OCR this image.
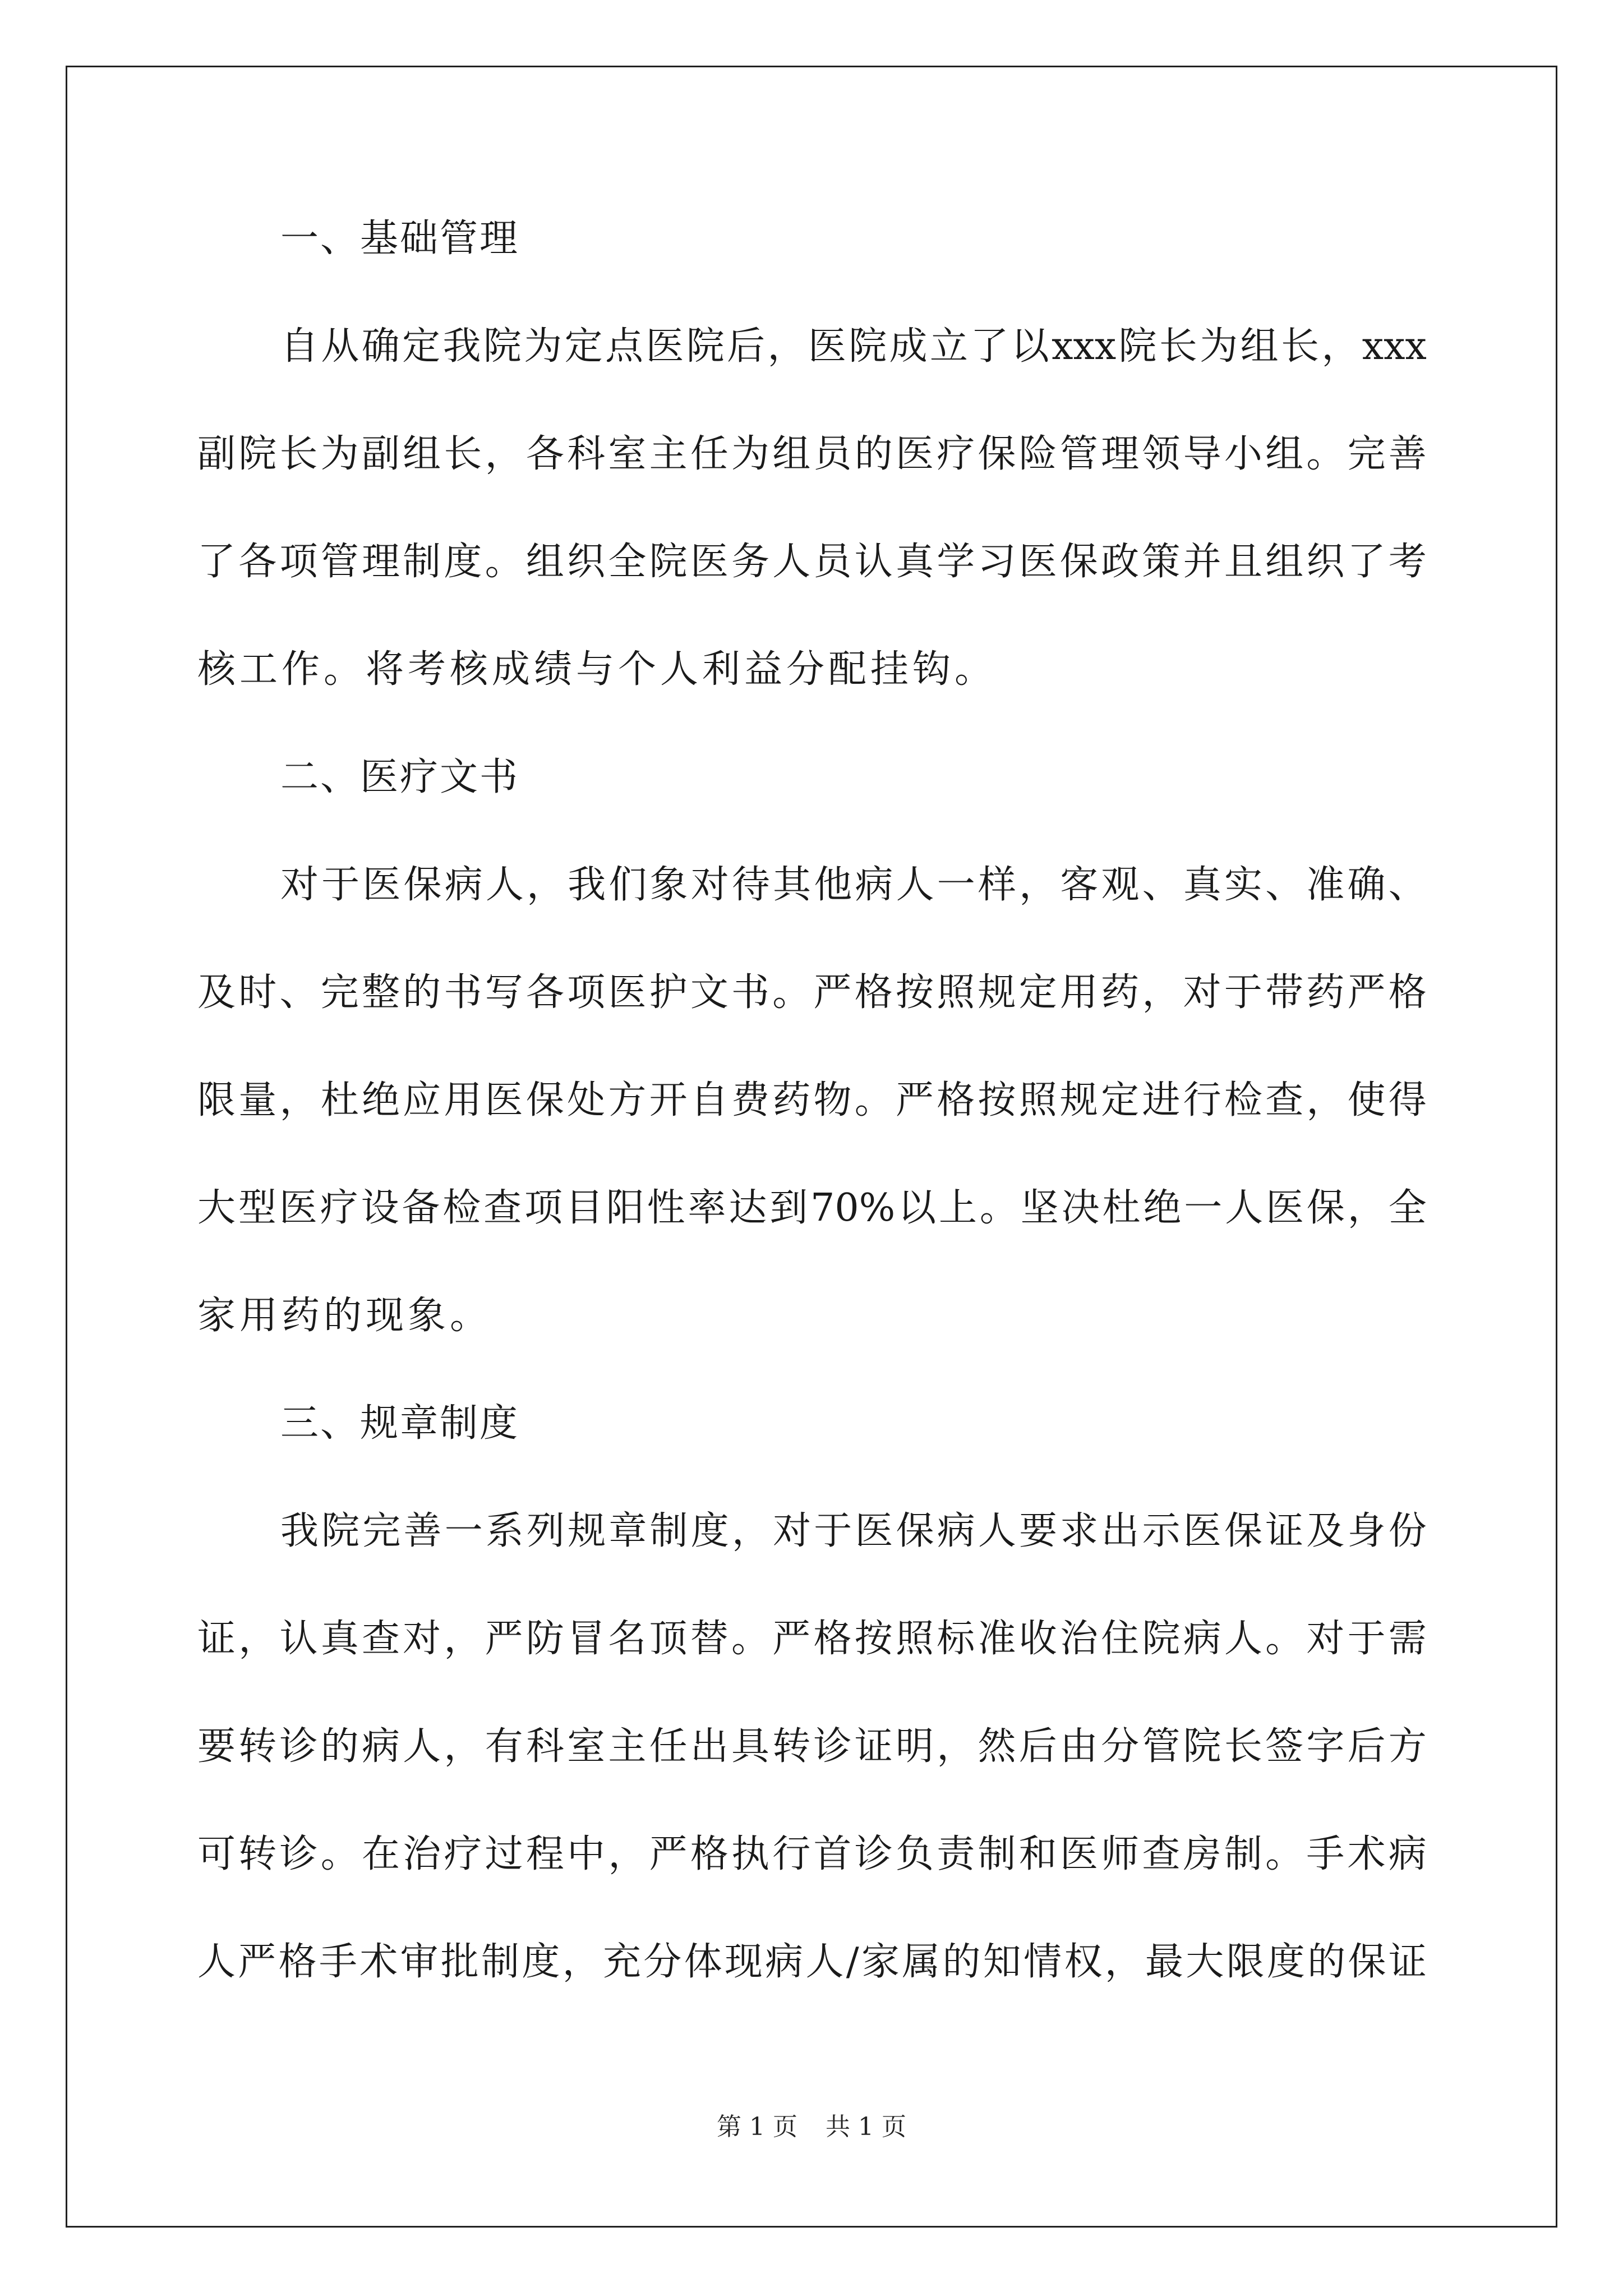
一、基础管理
自 从 确 定 我 院 为 定 点 医 院 后 ， 医 院 成 立 了 以 xxx 院 长 为 组 长 ， xxx
副 院 长 为 副 组 长 ， 各 科 室 主 任 为 组 员 的 医 疗 保 险 管 理 领 导 小 组 。 完 善
了 各 项 管 理 制 度 。 组 织 全 院 医 务 人 员 认 真 学 习 医 保 政 策 并 且 组 织 了 考
核工作。将考核成绩与个人利益分配挂钩。
二、医疗文书
对 于 医 保 病 人 ， 我 们 象 对 待 其 他 病 人 一 样 ， 客 观 、 真 实 、 准 确 、
及 时 、 完 整 的 书 写 各 项 医 护 文 书 。 严 格 按 照 规 定 用 药 ， 对 于 带 药 严 格
限 量 ， 杜 绝 应 用 医 保 处 方 开 自 费 药 物 。 严 格 按 照 规 定 进 行 检 查 ， 使 得
大 型 医 疗 设 备 检 查 项 目 阳 性 率 达 到 70% 以 上 。 坚 决 杜 绝 一 人 医 保 ， 全
家用药的现象。
三、规章制度
我 院 完 善 一 系 列 规 章 制 度 ， 对 于 医 保 病 人 要 求 出 示 医 保 证 及 身 份
证 ， 认 真 查 对 ， 严 防 冒 名 顶 替 。 严 格 按 照 标 准 收 治 住 院 病 人 。 对 于 需
要 转 诊 的 病 人 ， 有 科 室 主 任 出 具 转 诊 证 明 ， 然 后 由 分 管 院 长 签 字 后 方
可 转 诊 。 在 治 疗 过 程 中 ， 严 格 执 行 首 诊 负 责 制 和 医 师 查 房 制 。 手 术 病
人 严 格 手 术 审 批 制 度 ， 充 分 体 现 病 人 / 家 属 的 知 情 权 ， 最 大 限 度 的 保 证
第 1 页 共 1 页
